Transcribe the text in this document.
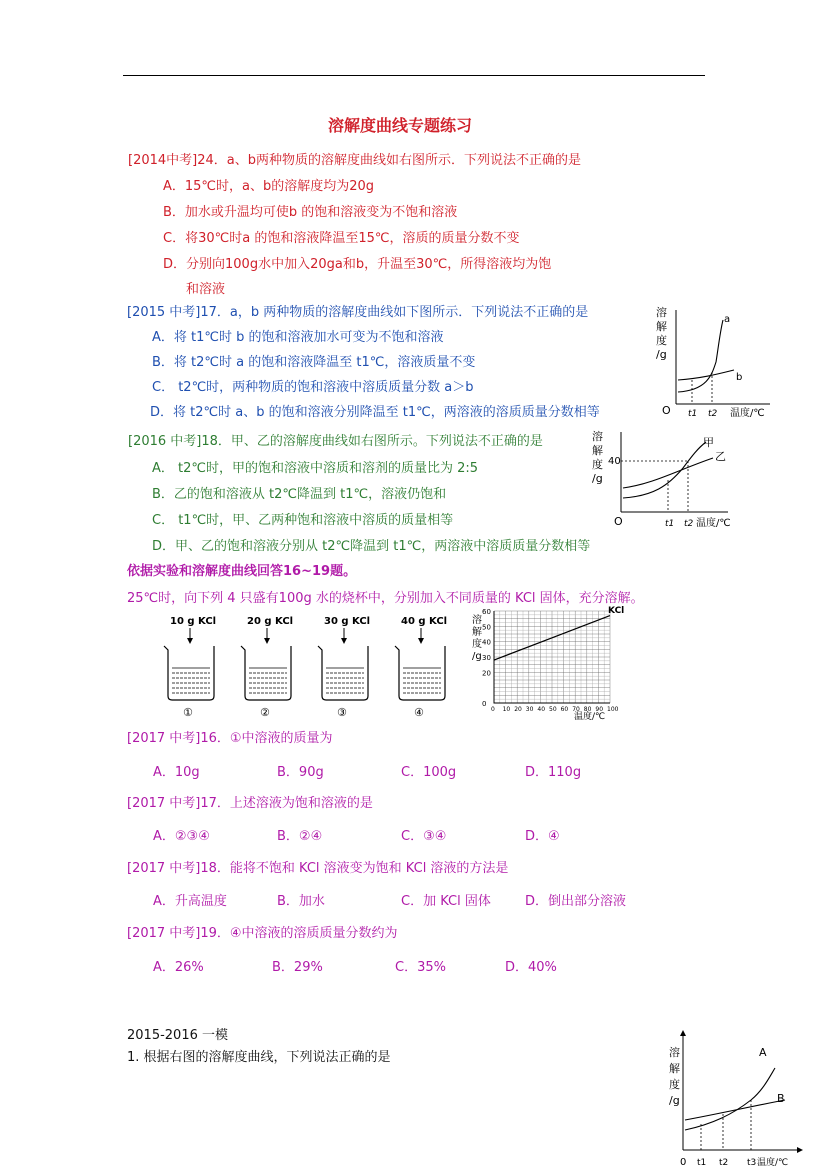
溶解度曲线专题练习
[2014中考]24．a、b两种物质的溶解度曲线如右图所示．下列说法不正确的是
A．15℃时，a、b的溶解度均为20g
B．加水或升温均可使b 的饱和溶液变为不饱和溶液
C．将30℃时a 的饱和溶液降温至15℃，溶质的质量分数不变
D．分别向100g水中加入20ga和b，升温至30℃，所得溶液均为饱
和溶液
[2015 中考]17．a，b 两种物质的溶解度曲线如下图所示．下列说法不正确的是
A．将 t1℃时 b 的饱和溶液加水可变为不饱和溶液
B．将 t2℃时 a 的饱和溶液降温至 t1℃，溶液质量不变
C． t2℃时，两种物质的饱和溶液中溶质质量分数 a＞b
D．将 t2℃时 a、b 的饱和溶液分别降温至 t1℃，两溶液的溶质质量分数相等
溶
解
度
/g
a
b
O t1 t2 温度/℃
[2016 中考]18．甲、乙的溶解度曲线如右图所示。下列说法不正确的是
A． t2℃时，甲的饱和溶液中溶质和溶剂的质量比为 2:5
B．乙的饱和溶液从 t2℃降温到 t1℃，溶液仍饱和
C． t1℃时，甲、乙两种饱和溶液中溶质的质量相等
D．甲、乙的饱和溶液分别从 t2℃降温到 t1℃，两溶液中溶质质量分数相等
溶
解
度
/g
40
甲
乙
O	t1 t2 温度/℃
依据实验和溶解度曲线回答16~19题。
25℃时，向下列 4 只盛有100g 水的烧杯中，分别加入不同质量的 KCl 固体，充分溶解。
10 g KCl
①
20 g KCl
②
30 g KCl
③
40 g KCl
④
溶
解
度
/g
0
20
30
40
50
60
0 10 20 30 40 50 60 70 80 90 100
KCl
温度/℃
[2017 中考]16．①中溶液的质量为
A．10g	B．90g	C．100g	D．110g
[2017 中考]17．上述溶液为饱和溶液的是
A．②③④	B．②④	C．③④	D．④
[2017 中考]18．能将不饱和 KCl 溶液变为饱和 KCl 溶液的方法是
A．升高温度	B．加水	C．加 KCl 固体	D．倒出部分溶液
[2017 中考]19．④中溶液的溶质质量分数约为
A．26%	B．29%	C．35%	D．40%
2015-2016 一模
1. 根据右图的溶解度曲线，下列说法正确的是	溶
解
度
/g
A
B
0 t1 t2 t3 温度/℃
